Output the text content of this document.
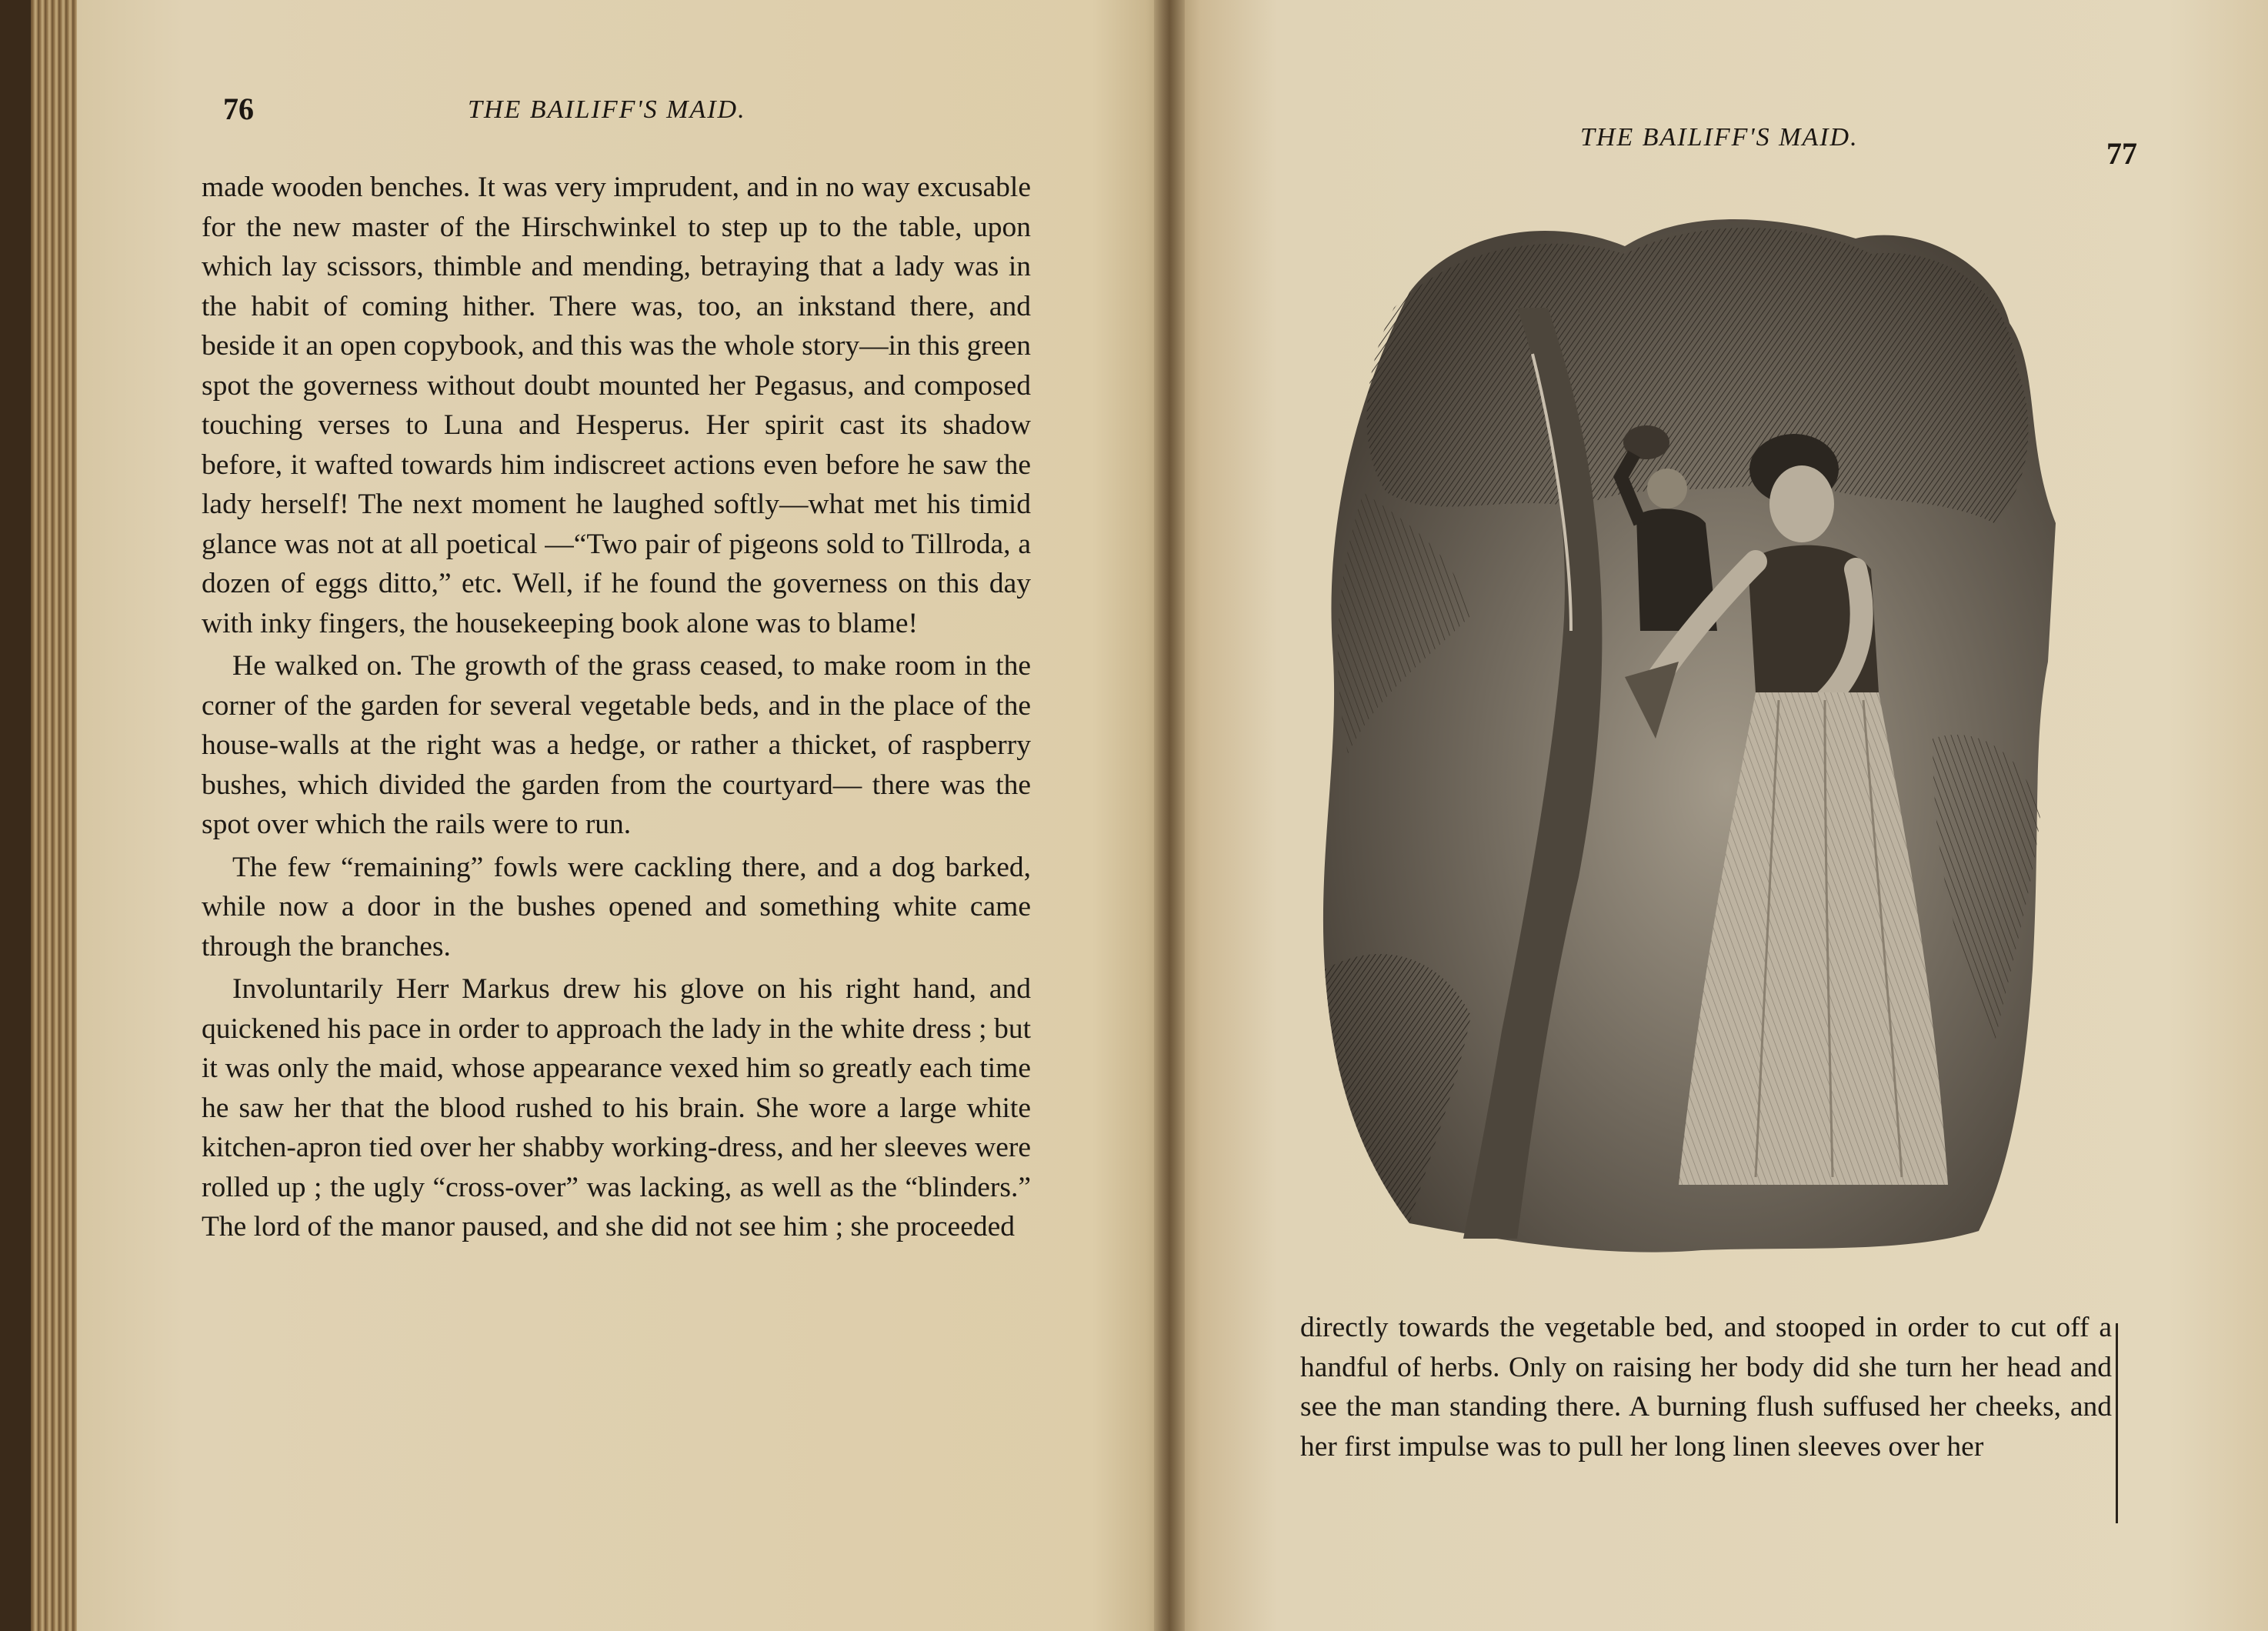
76	THE BAILIFF'S MAID.

made wooden benches. It was very imprudent, and in no way excusable for the new master of the Hirschwinkel to step up to the table, upon which lay scissors, thimble and mending, betraying that a lady was in the habit of coming hither. There was, too, an inkstand there, and beside it an open copybook, and this was the whole story—in this green spot the governess without doubt mounted her Pegasus, and composed touching verses to Luna and Hesperus. Her spirit cast its shadow before, it wafted towards him indiscreet actions even before he saw the lady herself! The next moment he laughed softly—what met his timid glance was not at all poetical —“Two pair of pigeons sold to Tillroda, a dozen of eggs ditto,” etc. Well, if he found the governess on this day with inky fingers, the housekeeping book alone was to blame!

He walked on. The growth of the grass ceased, to make room in the corner of the garden for several vegetable beds, and in the place of the house-walls at the right was a hedge, or rather a thicket, of raspberry bushes, which divided the garden from the courtyard— there was the spot over which the rails were to run.

The few “remaining” fowls were cackling there, and a dog barked, while now a door in the bushes opened and something white came through the branches.

Involuntarily Herr Markus drew his glove on his right hand, and quickened his pace in order to approach the lady in the white dress ; but it was only the maid, whose appearance vexed him so greatly each time he saw her that the blood rushed to his brain. She wore a large white kitchen-apron tied over her shabby working-dress, and her sleeves were rolled up ; the ugly “cross-over” was lacking, as well as the “blinders.” The lord of the manor paused, and she did not see him ; she proceeded

THE BAILIFF'S MAID.	77

directly towards the vegetable bed, and stooped in order to cut off a handful of herbs. Only on raising her body did she turn her head and see the man standing there. A burning flush suffused her cheeks, and her first impulse was to pull her long linen sleeves over her
